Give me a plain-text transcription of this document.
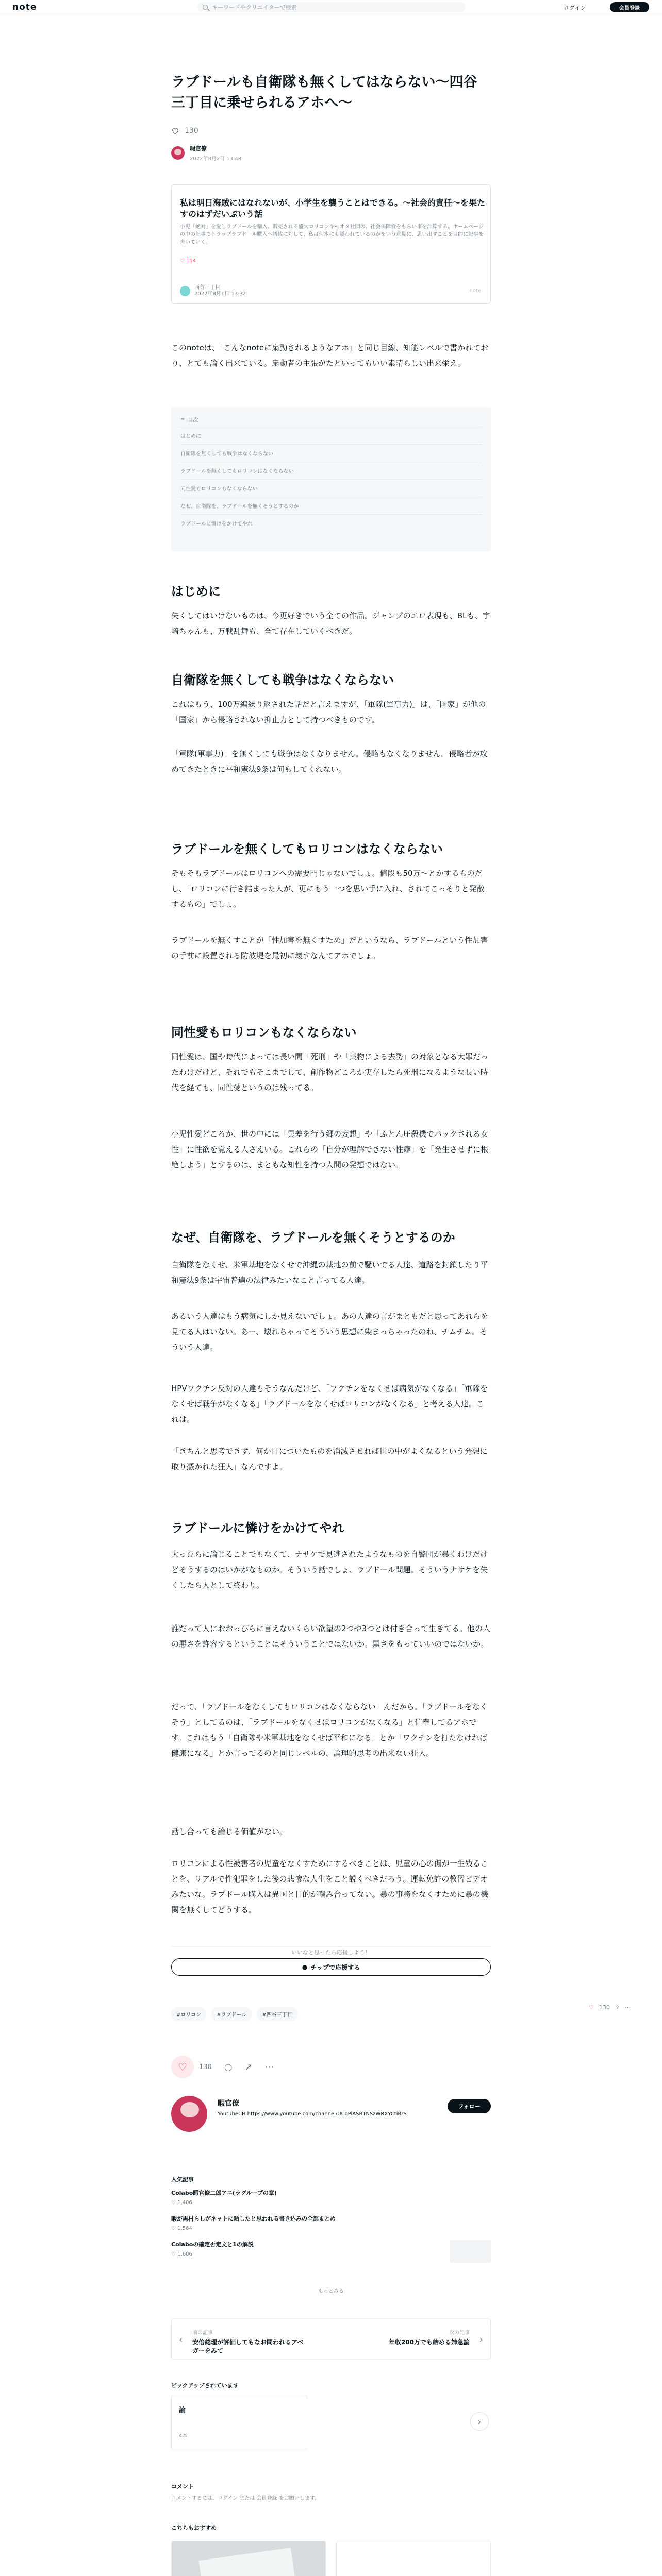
note	キーワードやクリエイターで検索	ログイン	会員登録
ラブドールも自衛隊も無くしてはならない〜四谷三丁目に乗せられるアホへ〜
130
暇官僚
2022年8月2日 13:48
私は明日海賊にはなれないが、小学生を襲うことはできる。〜社会的責任〜を果たすのはずだいぶいう話
小児「絶対」を愛しラブドールを購入、販売される盛大ロリコンキモオタ社団の、社会保障費をもらい事を計算する。ホームページの中の記事でトラップラブドール購入へ誘致に対して、私は何本にも疑われているのかをいう意見に、思い出すことを目的に記事を書いていく。
♡ 114
西谷三丁目
2022年8月1日 13:32
note
このnoteは、「こんなnoteに扇動されるようなアホ」と同じ目線、知能レベルで書かれており、とても論く出来ている。扇動者の主張がたといってもいい素晴らしい出来栄え。
≡ 目次
はじめに
自衛隊を無くしても戦争はなくならない
ラブドールを無くしてもロリコンはなくならない
同性愛もロリコンもなくならない
なぜ、自衛隊を、ラブドールを無くそうとするのか
ラブドールに憐けをかけてやれ
はじめに
失くしてはいけないものは、今更好きでいう全ての作品。ジャンプのエロ表現も、BLも、宇崎ちゃんも、万戦乱舞も、全て存在していくべきだ。
自衛隊を無くしても戦争はなくならない
これはもう、100万編繰り返された話だと言えますが、「軍隊(軍事力)」は、「国家」が他の「国家」から侵略されない抑止力として持つべきものです。
「軍隊(軍事力)」を無くしても戦争はなくなりません。侵略もなくなりません。侵略者が攻めてきたときに平和憲法9条は何もしてくれない。
ラブドールを無くしてもロリコンはなくならない
そもそもラブドールはロリコンへの需要門じゃないでしょ。値段も50万〜とかするものだし、「ロリコンに行き詰まった人が、更にもう一つを思い手に入れ、されてこっそりと発散するもの」でしょ。
ラブドールを無くすことが「性加害を無くすため」だというなら、ラブドールという性加害の手前に設置される防波堤を最初に壊すなんてアホでしょ。
同性愛もロリコンもなくならない
同性愛は、国や時代によっては長い間「死刑」や「薬物による去勢」の対象となる大罪だったわけだけど、それでもそこまでして、創作物どころか実存したら死刑になるような長い時代を経ても、同性愛というのは残ってる。
小児性愛どころか、世の中には「異差を行う郷の妄想」や「ふとん圧殺機でパックされる女性」に性欲を覚える人さえいる。これらの「自分が理解できない性癖」を「発生させずに根絶しよう」とするのは、まともな知性を持つ人間の発想ではない。
なぜ、自衛隊を、ラブドールを無くそうとするのか
自衛隊をなくせ、米軍基地をなくせで沖縄の基地の前で騒いでる人達、道路を封鎖したり平和憲法9条は宇宙普遍の法律みたいなこと言ってる人達。
あるいう人達はもう病気にしか見えないでしょ。あの人達の言がまともだと思ってあれらを見てる人はいない。あー、壊れちゃってそういう思想に染まっちゃったのね、チムチム。そういう人達。
HPVワクチン反対の人達もそうなんだけど、「ワクチンをなくせば病気がなくなる」「軍隊をなくせば戦争がなくなる」「ラブドールをなくせばロリコンがなくなる」と考える人達。これは。
「きちんと思考できず、何か目についたものを消滅させれば世の中がよくなるという発想に取り憑かれた狂人」なんですよ。
ラブドールに憐けをかけてやれ
大っぴらに論じることでもなくて、ナサケで見逃されたようなものを自警団が暴くわけだけどそうするのはいかがなものか。そういう話でしょ、ラブドール問題。そういうナサケを失くしたら人として終わり。
誰だって人におおっぴらに言えないくらい欲望の2つや3つとは付き合って生きてる。他の人の悪さを許容するということはそういうことではないか。黒さをもっていいのではないか。
だって、「ラブドールをなくしてもロリコンはなくならない」んだから。「ラブドールをなくそう」としてるのは、「ラブドールをなくせばロリコンがなくなる」と信奉してるアホです。これはもう「自衛隊や米軍基地をなくせば平和になる」とか「ワクチンを打たなければ健康になる」とか言ってるのと同じレベルの、論理的思考の出来ない狂人。
話し合っても論じる価値がない。
ロリコンによる性被害者の児童をなくすためにするべきことは、児童の心の傷が一生残ることを、リアルで性犯罪をした後の悲惨な人生をこと説くべきだろう。運転免許の教習ビデオみたいな。ラブドール購入は異国と目的が噛み合ってない。暴の事務をなくすために暴の機関を無くしてどうする。
いいなと思ったら応援しよう！
● チップで応援する
#ロリコン	#ラブドール	#四谷三丁目
♡ 130 ⇪ ⋯
♡ 130 ○ ↗ ⋯
暇官僚
YoutubeCH https://www.youtube.com/channel/UCoPiASBTNSzWRXYCtiBrS
フォロー
人気記事
Colabo暇官僚二郎アニ(ラグループの章)
♡ 1,406
暇が黒村らしがネットに晒したと思われる書き込みの全部まとめ
♡ 1,564
Colaboの確定否定文と1の解説
♡ 1,606
もっとみる
‹
前の記事
安倍総理が評価してもなお問われるアベガーをみて
次の記事
年収200万でも結める姉急論 ›
ピックアップされています
論
4本
›
コメント
コメントするには、ログイン または 会員登録 をお願いします。
こちらもおすすめ
